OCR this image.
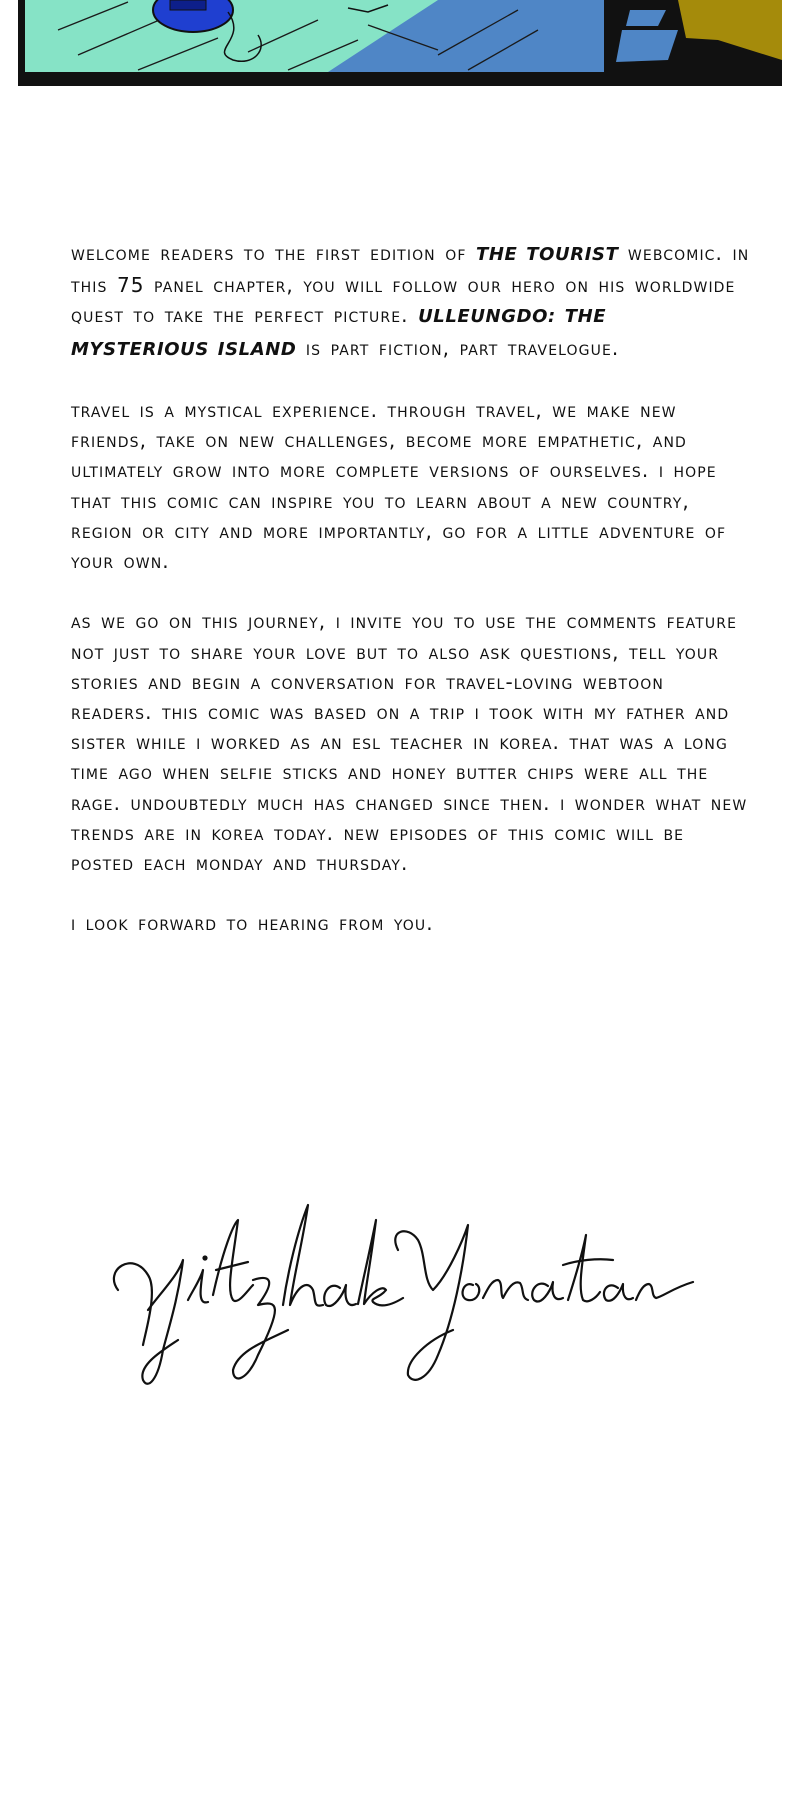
welcome readers to the first edition of THE TOURIST webcomic. in this 75 panel chapter, you will follow our hero on his worldwide quest to take the perfect picture. ULLEUNGDO: THE MYSTERIOUS ISLAND is part fiction, part travelogue.

travel is a mystical experience. through travel, we make new friends, take on new challenges, become more empathetic, and ultimately grow into more complete versions of ourselves. i hope that this comic can inspire you to learn about a new country, region or city and more importantly, go for a little adventure of your own.

as we go on this journey, i invite you to use the comments feature not just to share your love but to also ask questions, tell your stories and begin a conversation for travel-loving webtoon readers. this comic was based on a trip i took with my father and sister while i worked as an esl teacher in korea. that was a long time ago when selfie sticks and honey butter chips were all the rage. undoubtedly much has changed since then. i wonder what new trends are in korea today. new episodes of this comic will be posted each monday and thursday.

i look forward to hearing from you.
